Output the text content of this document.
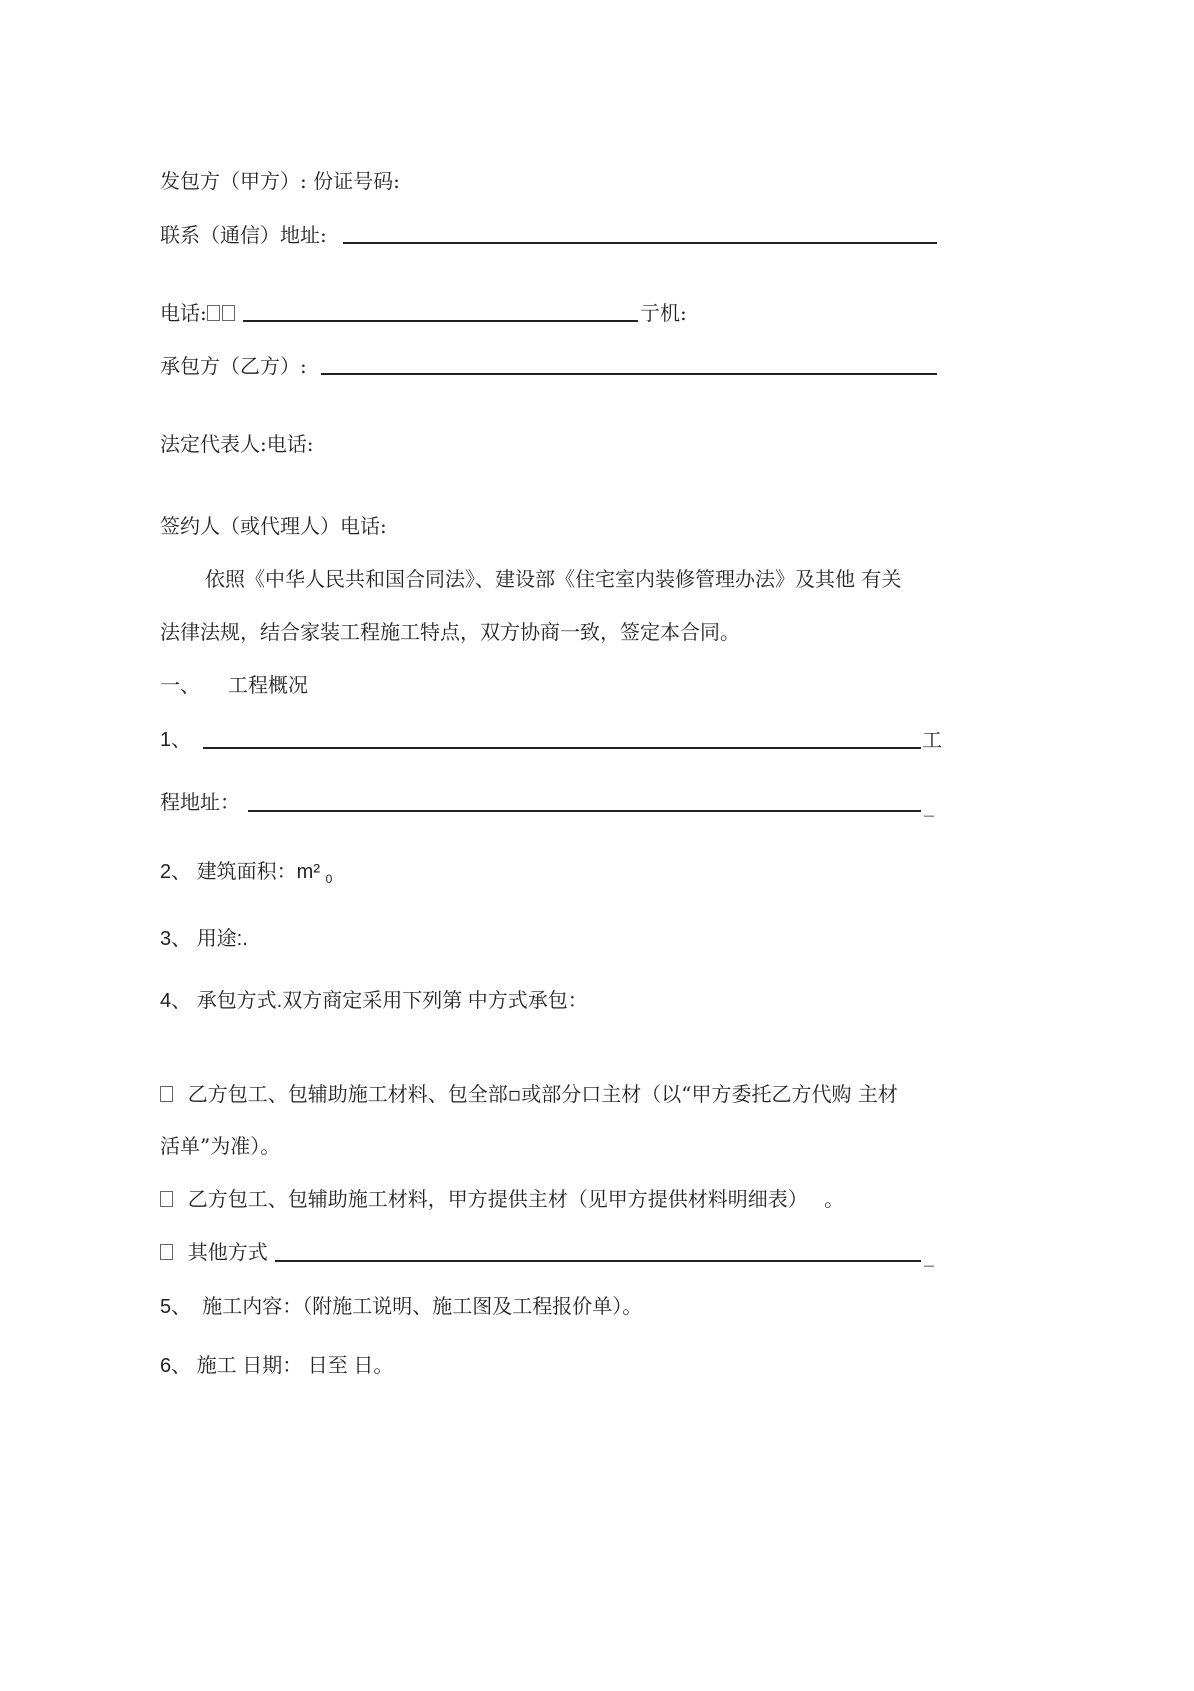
发包方（甲方）: 份证号码:
联系（通信）地址:
电话:	亍机:
承包方（乙方）:
法定代表人:电话:
签约人（或代理人）电话:
依照《中华人民共和国合同法》、建设部《住宅室内装修管理办法》及其他 有关
法律法规，结合家装工程施工特点，双方协商一致，签定本合同。
一、 工程概况
1、	工
程地址：	_
2、 建筑面积：m² $_0$
3、 用途:.
4、 承包方式.双方商定采用下列第 中方式承包：
乙方包工、包辅助施工材料、包全部▫或部分口主材（以“甲方委托乙方代购 主材
活单”为准）。
乙方包工、包辅助施工材料，甲方提供主材（见甲方提供材料明细表）　 。
其他方式	_
5、 施工内容：（附施工说明、施工图及工程报价单）。
6、 施工 日期： 日至 日。
